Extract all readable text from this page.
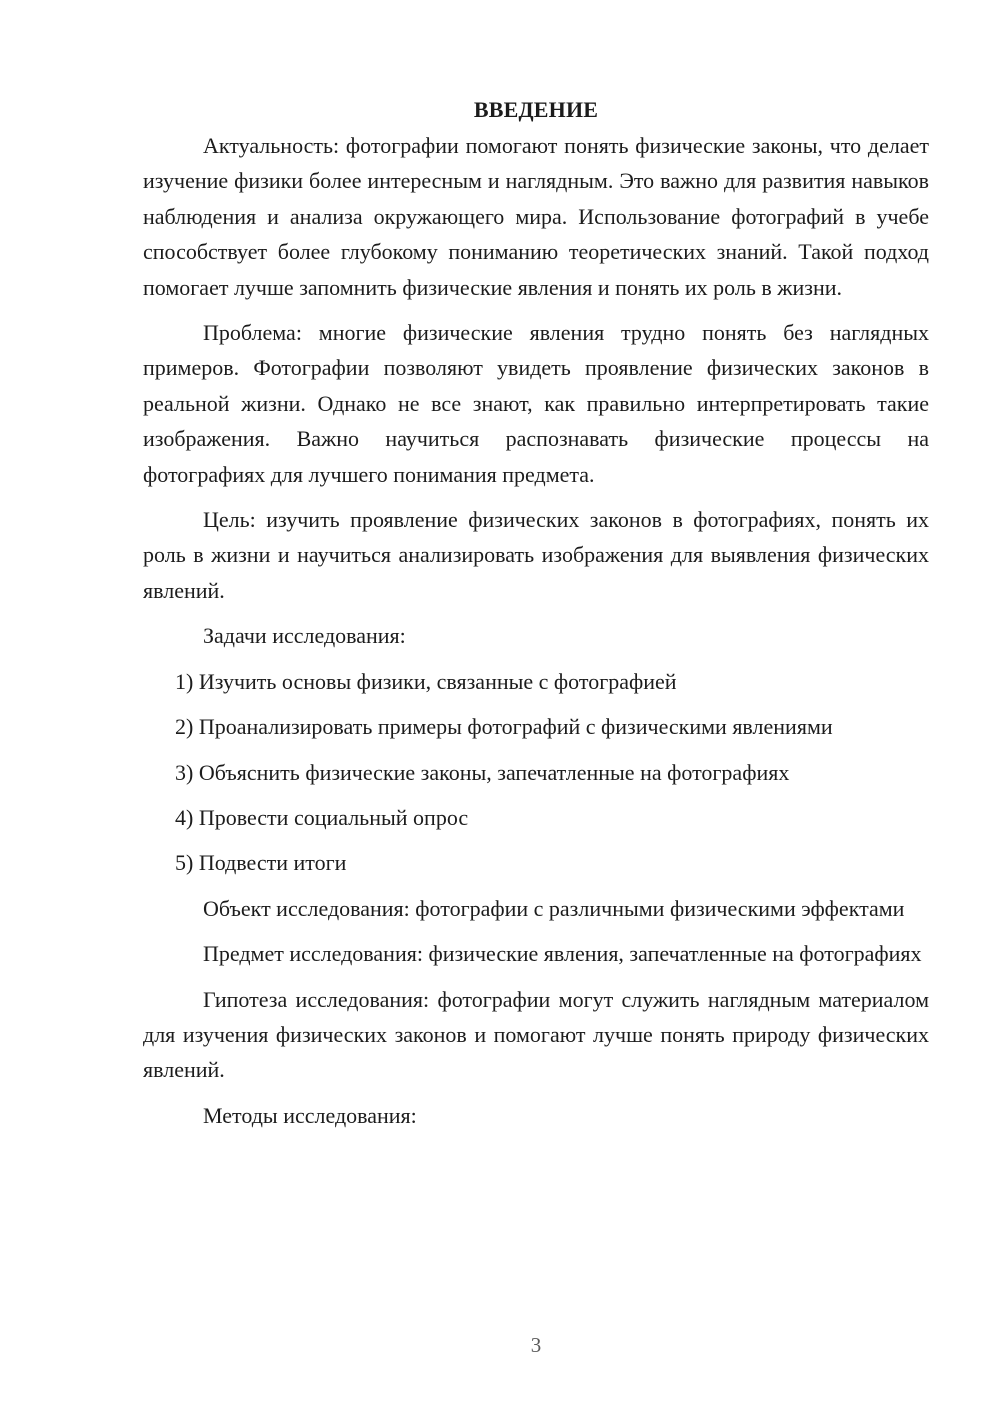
ВВЕДЕНИЕ

Актуальность: фотографии помогают понять физические законы, что делает изучение физики более интересным и наглядным. Это важно для развития навыков наблюдения и анализа окружающего мира. Использование фотографий в учебе способствует более глубокому пониманию теоретических знаний. Такой подход помогает лучше запомнить физические явления и понять их роль в жизни.

Проблема: многие физические явления трудно понять без наглядных примеров. Фотографии позволяют увидеть проявление физических законов в реальной жизни. Однако не все знают, как правильно интерпретировать такие изображения. Важно научиться распознавать физические процессы на фотографиях для лучшего понимания предмета.

Цель: изучить проявление физических законов в фотографиях, понять их роль в жизни и научиться анализировать изображения для выявления физических явлений.

Задачи исследования:

1) Изучить основы физики, связанные с фотографией
2) Проанализировать примеры фотографий с физическими явлениями
3) Объяснить физические законы, запечатленные на фотографиях
4) Провести социальный опрос
5) Подвести итоги

Объект исследования: фотографии с различными физическими эффектами

Предмет исследования: физические явления, запечатленные на фотографиях

Гипотеза исследования: фотографии могут служить наглядным материалом для изучения физических законов и помогают лучше понять природу физических явлений.

Методы исследования:

3
